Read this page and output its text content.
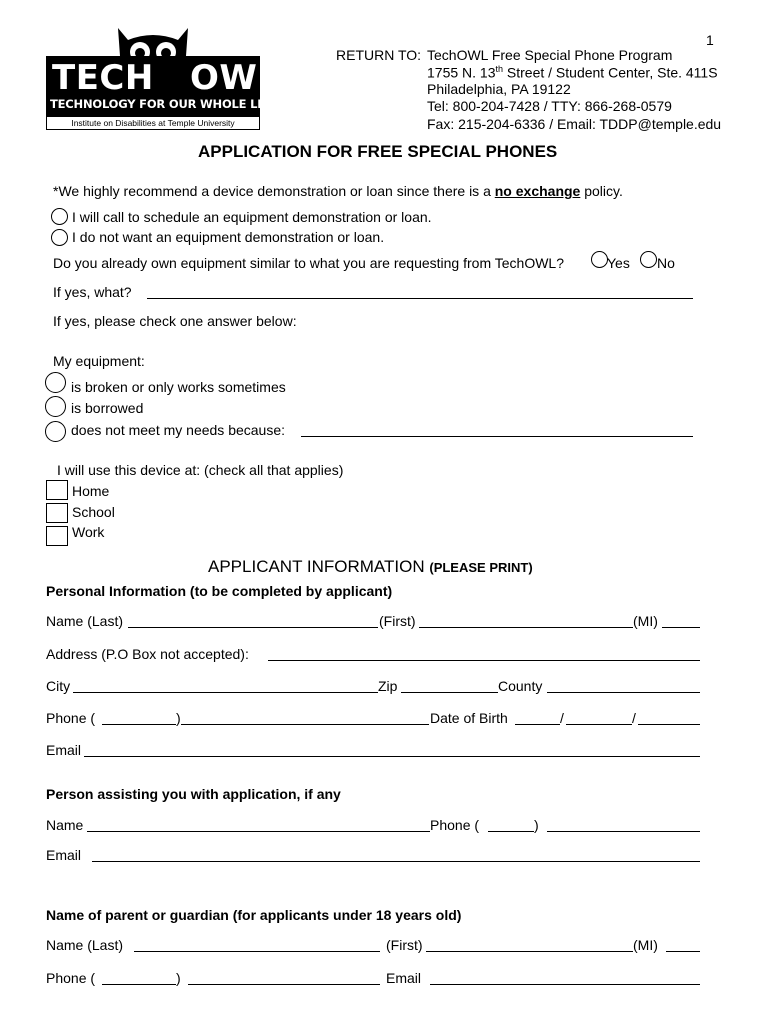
1
TECH OWL
TECHNOLOGY FOR OUR WHOLE LIVES
Institute on Disabilities at Temple University
RETURN TO: TechOWL Free Special Phone Program
1755 N. 13th Street / Student Center, Ste. 411S
Philadelphia, PA 19122
Tel: 800-204-7428 / TTY: 866-268-0579
Fax: 215-204-6336 / Email: TDDP@temple.edu
APPLICATION FOR FREE SPECIAL PHONES
*We highly recommend a device demonstration or loan since there is a no exchange policy.
I will call to schedule an equipment demonstration or loan.
I do not want an equipment demonstration or loan.
Do you already own equipment similar to what you are requesting from TechOWL?	Yes No
If yes, what?
If yes, please check one answer below:
My equipment:
is broken or only works sometimes
is borrowed
does not meet my needs because:
I will use this device at: (check all that applies)
Home
School
Work
APPLICANT INFORMATION (PLEASE PRINT)
Personal Information (to be completed by applicant)
Name (Last)	(First)	(MI)
Address (P.O Box not accepted):
City	Zip	County
Phone (	)	Date of Birth	/	/
Email
Person assisting you with application, if any
Name	Phone (	)
Email
Name of parent or guardian (for applicants under 18 years old)
Name (Last)	(First)	(MI)
Phone (	)	Email
